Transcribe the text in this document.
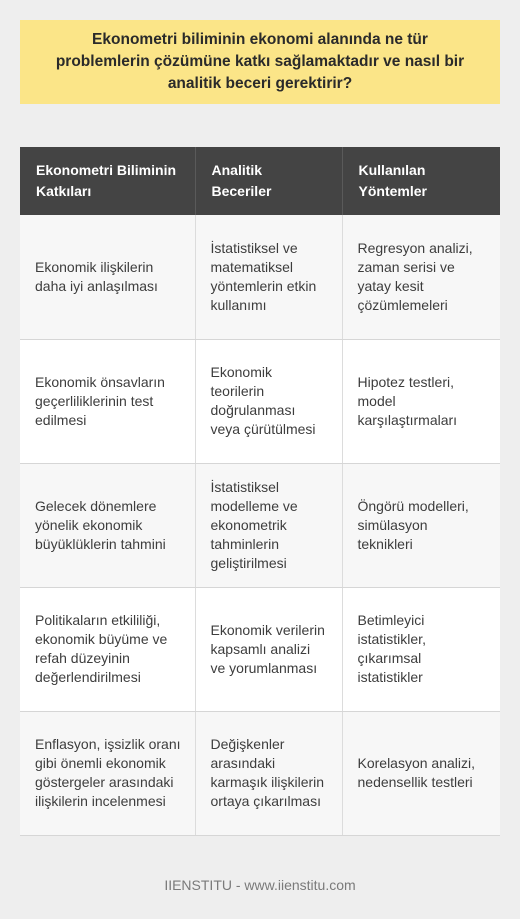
Ekonometri biliminin ekonomi alanında ne tür problemlerin çözümüne katkı sağlamaktadır ve nasıl bir analitik beceri gerektirir?
Ekonometri Biliminin Katkıları	Analitik Beceriler	Kullanılan Yöntemler
Ekonomik ilişkilerin daha iyi anlaşılması	İstatistiksel ve matematiksel yöntemlerin etkin kullanımı	Regresyon analizi, zaman serisi ve yatay kesit çözümlemeleri
Ekonomik önsavların geçerliliklerinin test edilmesi	Ekonomik teorilerin doğrulanması veya çürütülmesi	Hipotez testleri, model karşılaştırmaları
Gelecek dönemlere yönelik ekonomik büyüklüklerin tahmini	İstatistiksel modelleme ve ekonometrik tahminlerin geliştirilmesi	Öngörü modelleri, simülasyon teknikleri
Politikaların etkililiği, ekonomik büyüme ve refah düzeyinin değerlendirilmesi	Ekonomik verilerin kapsamlı analizi ve yorumlanması	Betimleyici istatistikler, çıkarımsal istatistikler
Enflasyon, işsizlik oranı gibi önemli ekonomik göstergeler arasındaki ilişkilerin incelenmesi	Değişkenler arasındaki karmaşık ilişkilerin ortaya çıkarılması	Korelasyon analizi, nedensellik testleri
IIENSTITU - www.iienstitu.com
